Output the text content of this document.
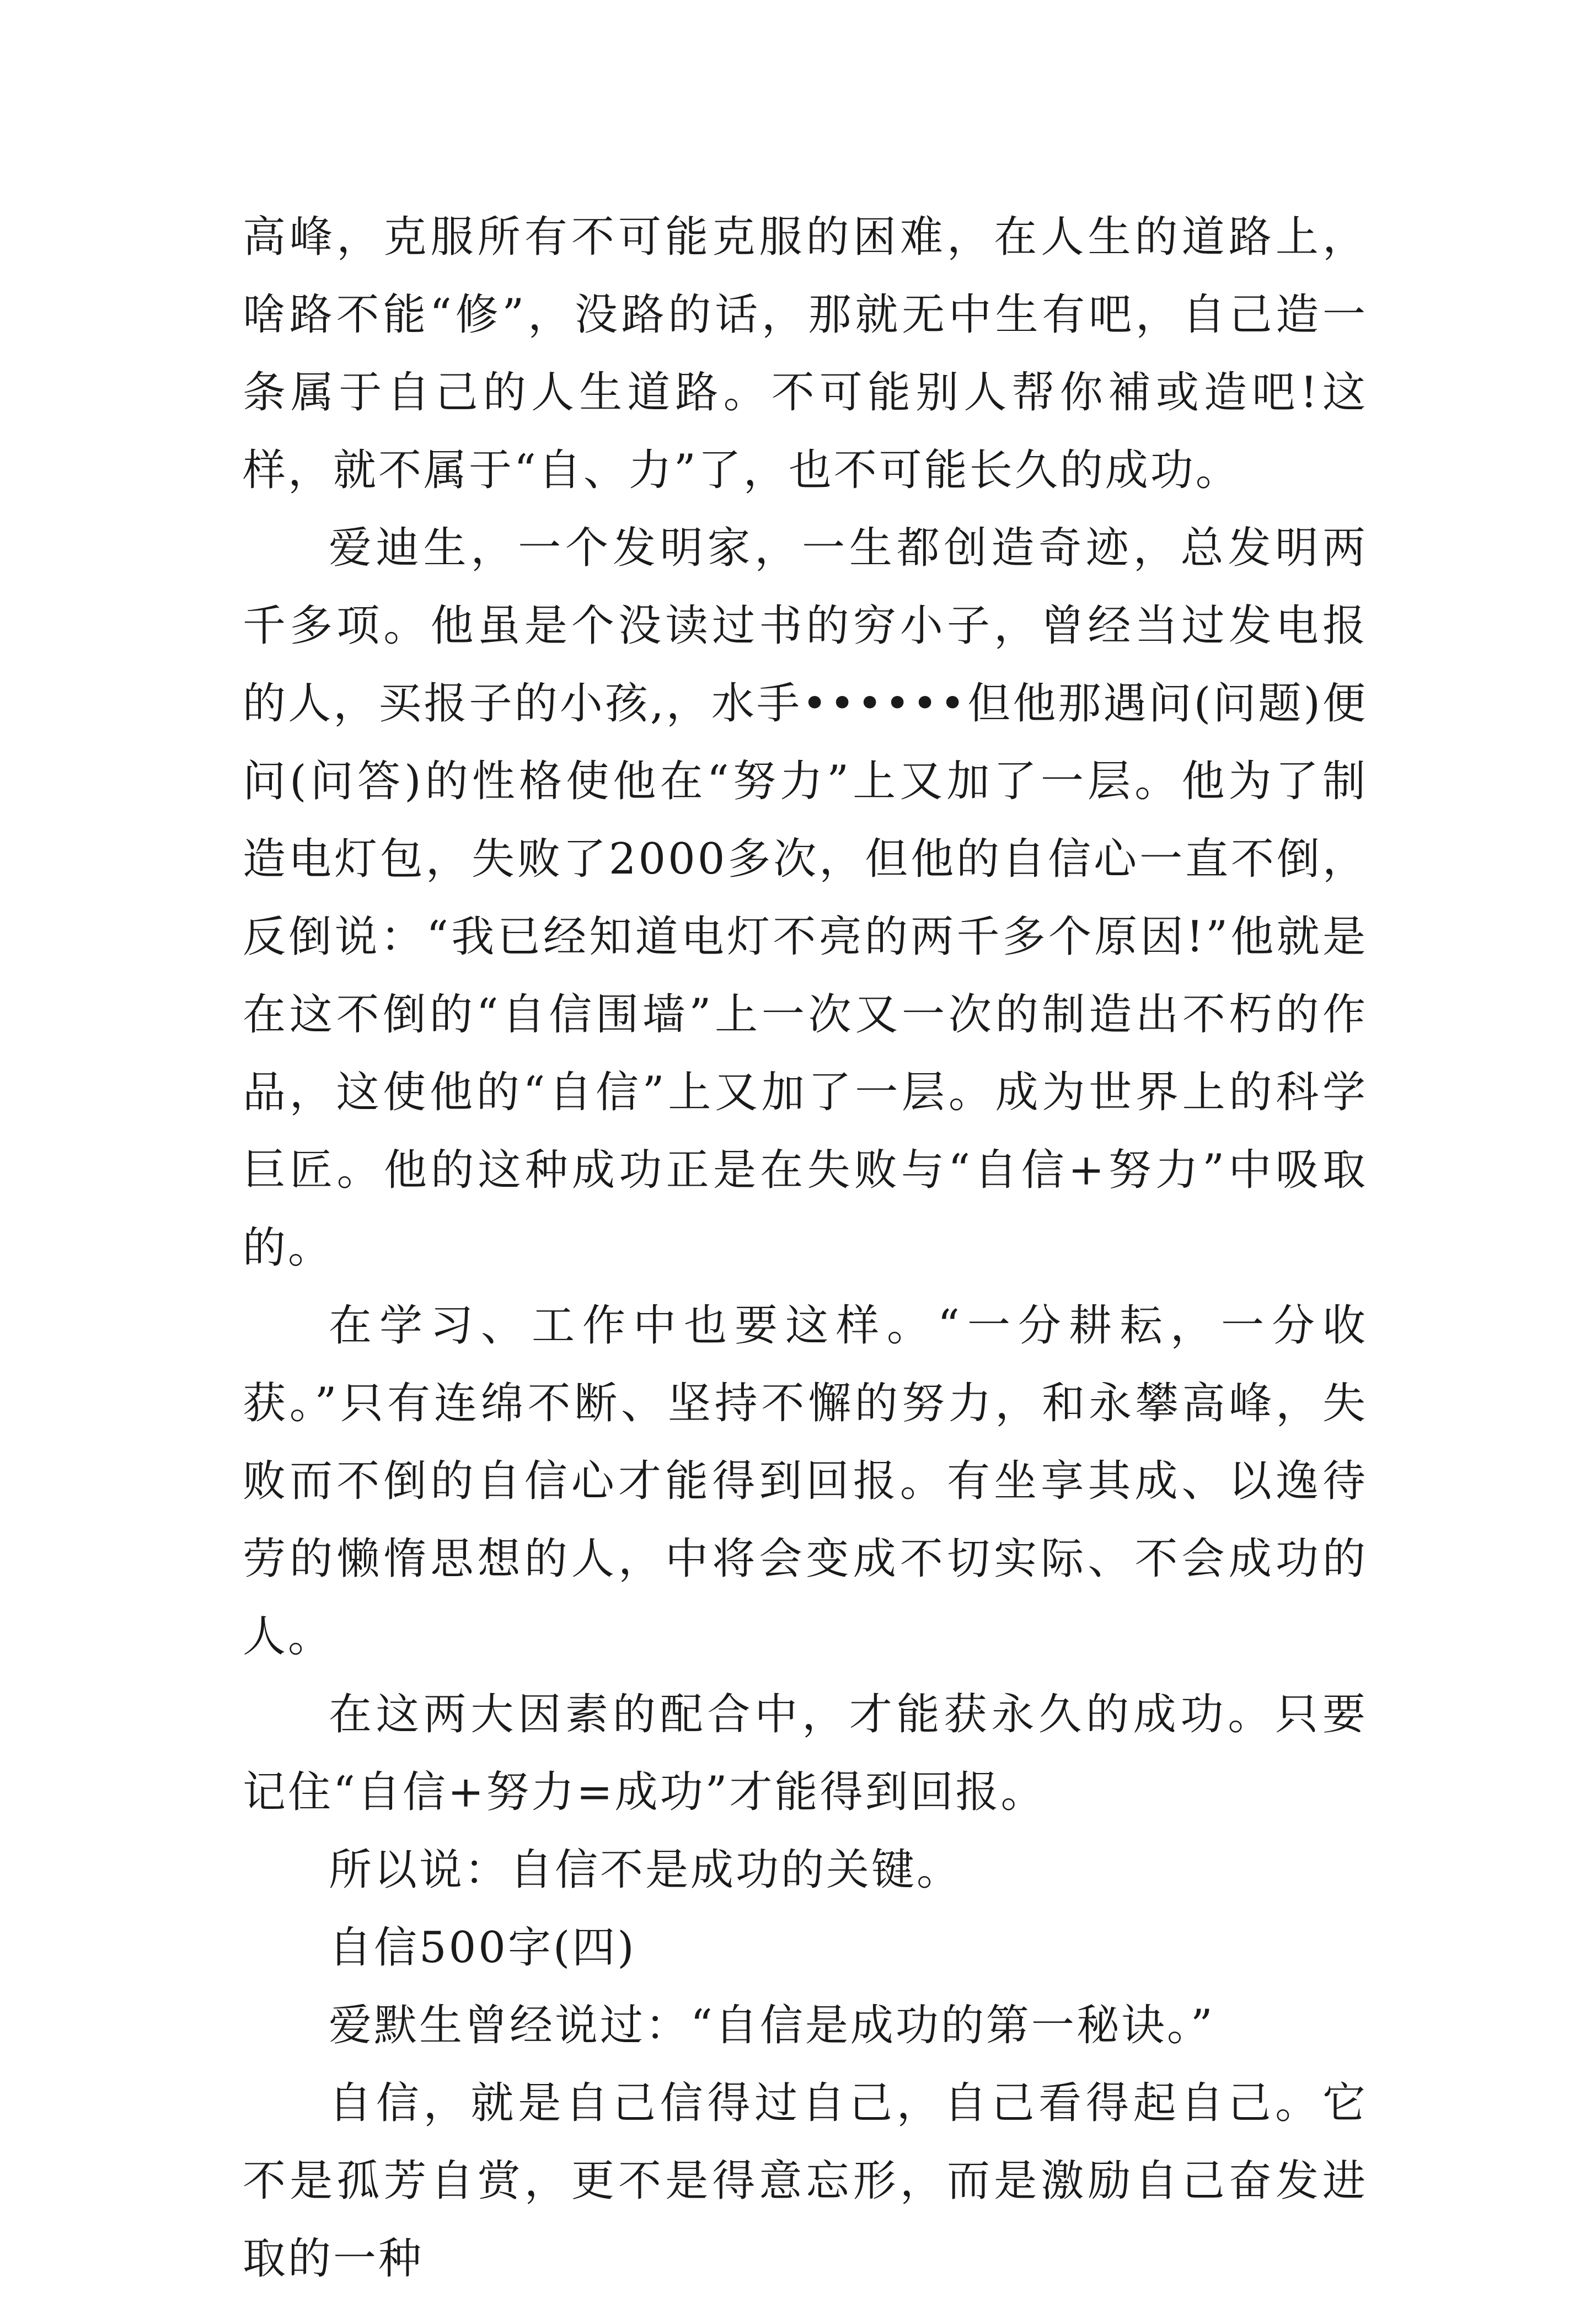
高峰，克服所有不可能克服的困难，在人生的道路上，啥路不能“修”，没路的话，那就无中生有吧，自己造一条属于自己的人生道路。不可能别人帮你補或造吧!这样，就不属于“自、力”了，也不可能长久的成功。

爱迪生，一个发明家，一生都创造奇迹，总发明两千多项。他虽是个没读过书的穷小子，曾经当过发电报的人，买报子的小孩,，水手••••••但他那遇问(问题)便问(问答)的性格使他在“努力”上又加了一层。他为了制造电灯包，失败了2000多次，但他的自信心一直不倒，反倒说：“我已经知道电灯不亮的两千多个原因!”他就是在这不倒的“自信围墙”上一次又一次的制造出不朽的作品，这使他的“自信”上又加了一层。成为世界上的科学巨匠。他的这种成功正是在失败与“自信+努力”中吸取的。

在学习、工作中也要这样。“一分耕耘，一分收获。”只有连绵不断、坚持不懈的努力，和永攀高峰，失败而不倒的自信心才能得到回报。有坐享其成、以逸待劳的懒惰思想的人，中将会变成不切实际、不会成功的人。

在这两大因素的配合中，才能获永久的成功。只要记住“自信+努力=成功”才能得到回报。

所以说：自信不是成功的关键。

自信500字(四)

爱默生曾经说过：“自信是成功的第一秘诀。”

自信，就是自己信得过自己，自己看得起自己。它不是孤芳自赏，更不是得意忘形，而是激励自己奋发进取的一种
